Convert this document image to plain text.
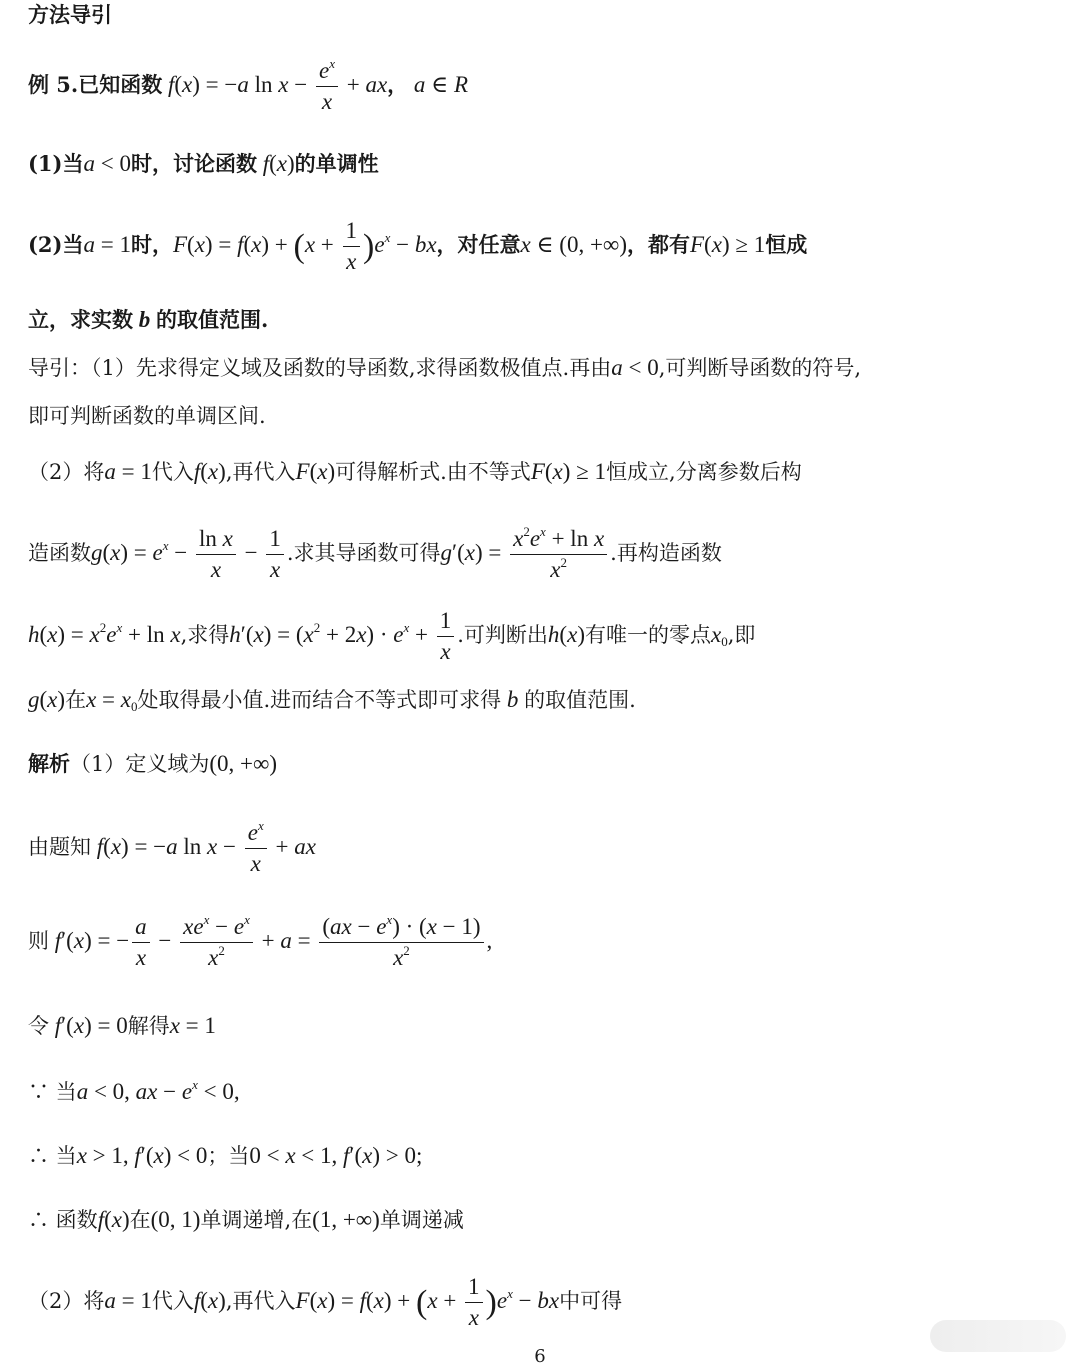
方法导引
例 5.已知函数 f(x) = −a $\ln x - \frac{e^x}{x}$ + ax， a ∈ R
(1)当a < 0时，讨论函数 f(x)的单调性
(2)当a = 1时，$F(x) = f(x) + (x + \frac{1}{x} )e^x$ − bx，对任意x ∈ (0, +∞)，都有F(x) ≥ 1恒成
立，求实数 b 的取值范围.
导引：（1）先求得定义域及函数的导函数,求得函数极值点.再由a < 0,可判断导函数的符号,
即可判断函数的单调区间.
（2）将a = 1代入f(x),再代入F(x)可得解析式.由不等式F(x) ≥ 1恒成立,分离参数后构
造函数$g(x) = e^x - \frac{\text{ln x}}{x} - \frac{1}{x}$ .求其导函数可得$g'(x) = \frac{x^2e^x + \ln x}{x^2}$ .再构造函数
$h(x) = x^2e^x + \ln x$,求得$h'(x) = (x^2 + 2x) \cdot e^x + \frac{1}{x}$ .可判断出h(x)有唯一的零点$x_0$,即
g(x)在$x = x_0$处取得最小值.进而结合不等式即可求得 b 的取值范围.
解析（1）定义域为(0, +∞)
由题知 f(x) = −a $\ln x - \frac{e^x}{x}$ + ax
则 f′(x) = − $\frac{a}{x} - \frac{xe^x - e^x}{x^2} + a = \frac{(ax - e^x) \cdot (x - 1)}{x^2}$ ,
令 f′(x) = 0解得x = 1
∵ 当a < 0, ax − $e^x < 0$,
∴ 当x > 1, f′(x) < 0；当0 < x < 1, f′(x) > 0;
∴ 函数f(x)在(0, 1)单调递增,在(1, +∞)单调递减
（2）将a = 1代入f(x),再代入$F(x) = f(x) + (x + \frac{1}{x} )e^x$ − bx中可得
6
